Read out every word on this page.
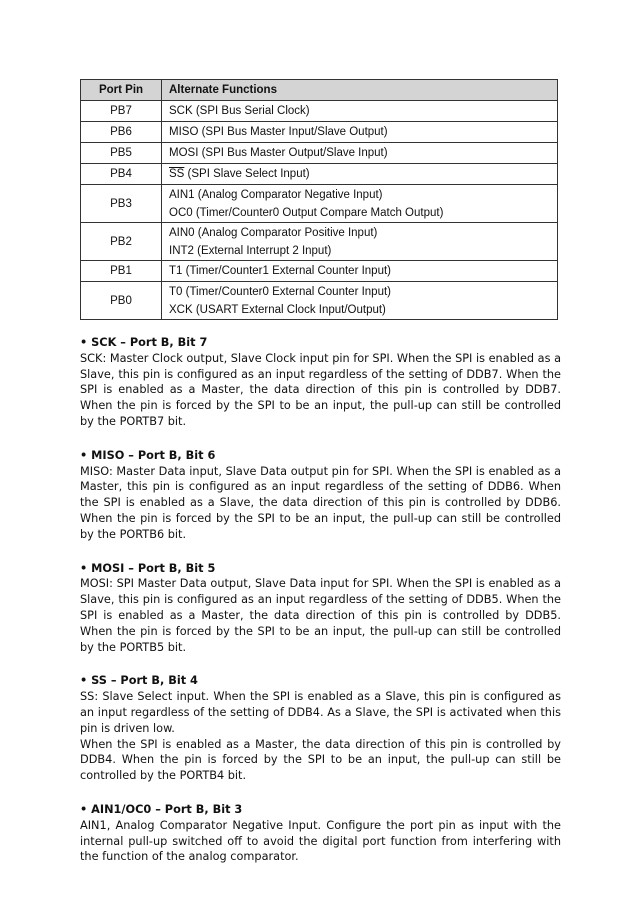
Port Pin	Alternate Functions
PB7	SCK (SPI Bus Serial Clock)

PB6	MISO (SPI Bus Master Input/Slave Output)

PB5	MOSI (SPI Bus Master Output/Slave Input)

PB4	$\overline{SS}$ (SPI Slave Select Input)

PB3	AIN1 (Analog Comparator Negative Input)
OC0 (Timer/Counter0 Output Compare Match Output)

PB2	AIN0 (Analog Comparator Positive Input)
INT2 (External Interrupt 2 Input)

PB1	T1 (Timer/Counter1 External Counter Input)

PB0	T0 (Timer/Counter0 External Counter Input)
XCK (USART External Clock Input/Output)
• SCK – Port B, Bit 7

SCK: Master Clock output, Slave Clock input pin for SPI. When the SPI is enabled as a Slave, this pin is configured as an input regardless of the setting of DDB7. When the SPI is enabled as a Master, the data direction of this pin is controlled by DDB7. When the pin is forced by the SPI to be an input, the pull-up can still be controlled by the PORTB7 bit.

• MISO – Port B, Bit 6

MISO: Master Data input, Slave Data output pin for SPI. When the SPI is enabled as a Master, this pin is configured as an input regardless of the setting of DDB6. When the SPI is enabled as a Slave, the data direction of this pin is controlled by DDB6. When the pin is forced by the SPI to be an input, the pull-up can still be controlled by the PORTB6 bit.

• MOSI – Port B, Bit 5

MOSI: SPI Master Data output, Slave Data input for SPI. When the SPI is enabled as a Slave, this pin is configured as an input regardless of the setting of DDB5. When the SPI is enabled as a Master, the data direction of this pin is controlled by DDB5. When the pin is forced by the SPI to be an input, the pull-up can still be controlled by the PORTB5 bit.

• SS – Port B, Bit 4

SS: Slave Select input. When the SPI is enabled as a Slave, this pin is configured as an input regardless of the setting of DDB4. As a Slave, the SPI is activated when this pin is driven low.

When the SPI is enabled as a Master, the data direction of this pin is controlled by DDB4. When the pin is forced by the SPI to be an input, the pull-up can still be controlled by the PORTB4 bit.

• AIN1/OC0 – Port B, Bit 3

AIN1, Analog Comparator Negative Input. Configure the port pin as input with the internal pull-up switched off to avoid the digital port function from interfering with the function of the analog comparator.
